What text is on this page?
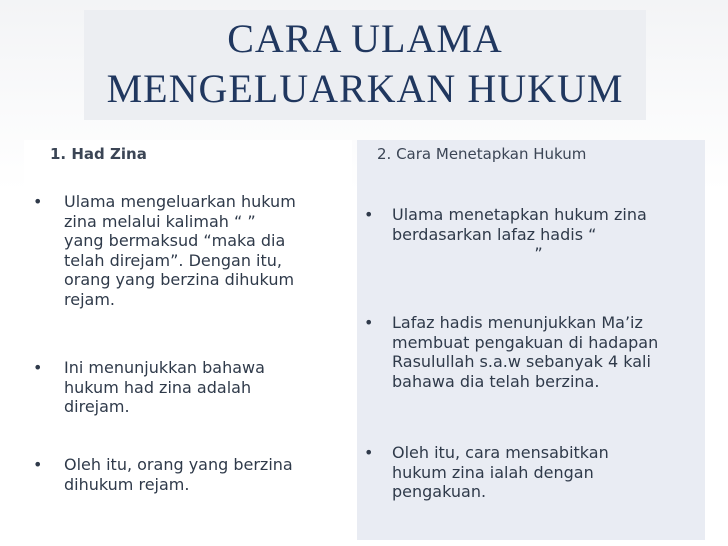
CARA ULAMA
MENGELUARKAN HUKUM
1. Had Zina	2. Cara Menetapkan Hukum
• Ulama mengeluarkan hukum
zina melalui kalimah “ ”
yang bermaksud “maka dia
telah direjam”. Dengan itu,
orang yang berzina dihukum
rejam.
• Ini menunjukkan bahawa
hukum had zina adalah
direjam.
• Oleh itu, orang yang berzina
dihukum rejam.
• Ulama menetapkan hukum zina
berdasarkan lafaz hadis “
”
• Lafaz hadis menunjukkan Ma’iz
membuat pengakuan di hadapan
Rasulullah s.a.w sebanyak 4 kali
bahawa dia telah berzina.
• Oleh itu, cara mensabitkan
hukum zina ialah dengan
pengakuan.
